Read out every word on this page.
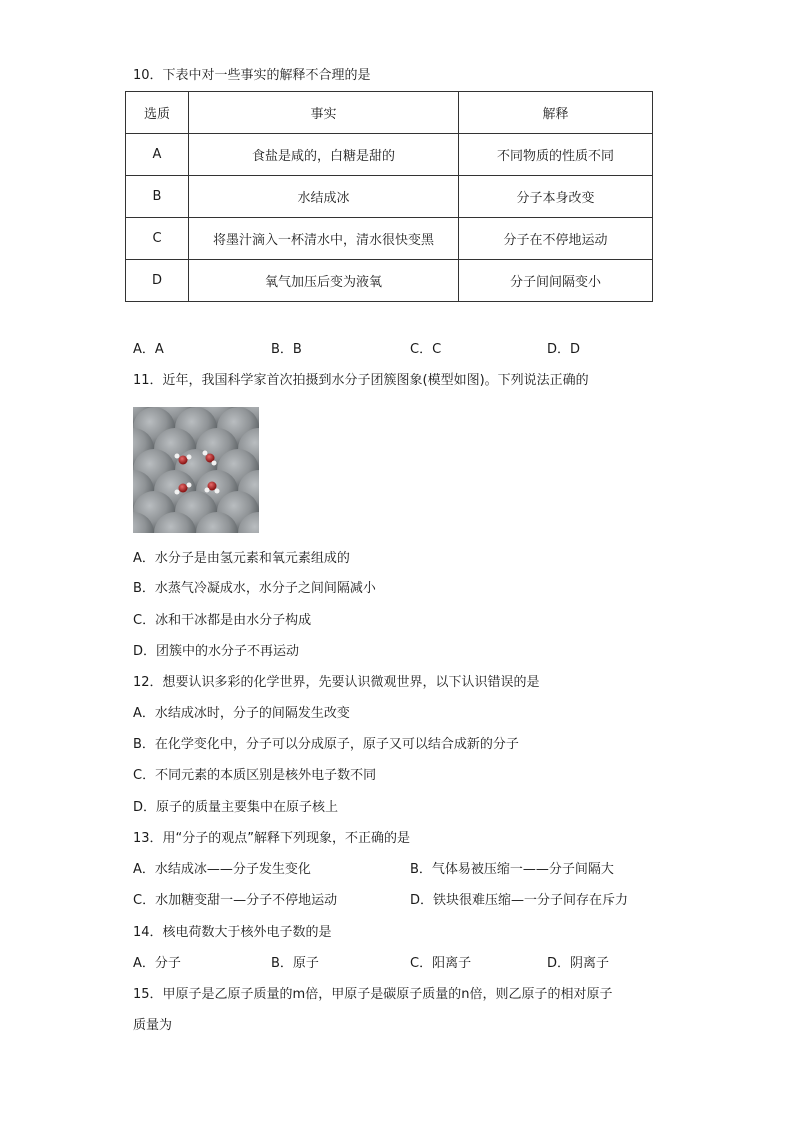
10．下表中对一些事实的解释不合理的是
选质	事实	解释
A	食盐是咸的，白糖是甜的	不同物质的性质不同
B	水结成冰	分子本身改变
C	将墨汁滴入一杯清水中，清水很快变黑	分子在不停地运动
D	氧气加压后变为液氧	分子间间隔变小
A．A	B．B	C．C	D．D
11．近年，我国科学家首次拍摄到水分子团簇图象(模型如图)。下列说法正确的
A．水分子是由氢元素和氧元素组成的
B．水蒸气冷凝成水，水分子之间间隔减小
C．冰和干冰都是由水分子构成
D．团簇中的水分子不再运动
12．想要认识多彩的化学世界，先要认识微观世界，以下认识错误的是
A．水结成冰时，分子的间隔发生改变
B．在化学变化中，分子可以分成原子，原子又可以结合成新的分子
C．不同元素的本质区别是核外电子数不同
D．原子的质量主要集中在原子核上
13．用“分子的观点”解释下列现象，不正确的是
A．水结成冰——分子发生变化	B．气体易被压缩一——分子间隔大
C．水加糖变甜一—分子不停地运动	D．铁块很难压缩—一分子间存在斥力
14．核电荷数大于核外电子数的是
A．分子	B．原子	C．阳离子	D．阴离子
15．甲原子是乙原子质量的m倍，甲原子是碳原子质量的n倍，则乙原子的相对原子
质量为
